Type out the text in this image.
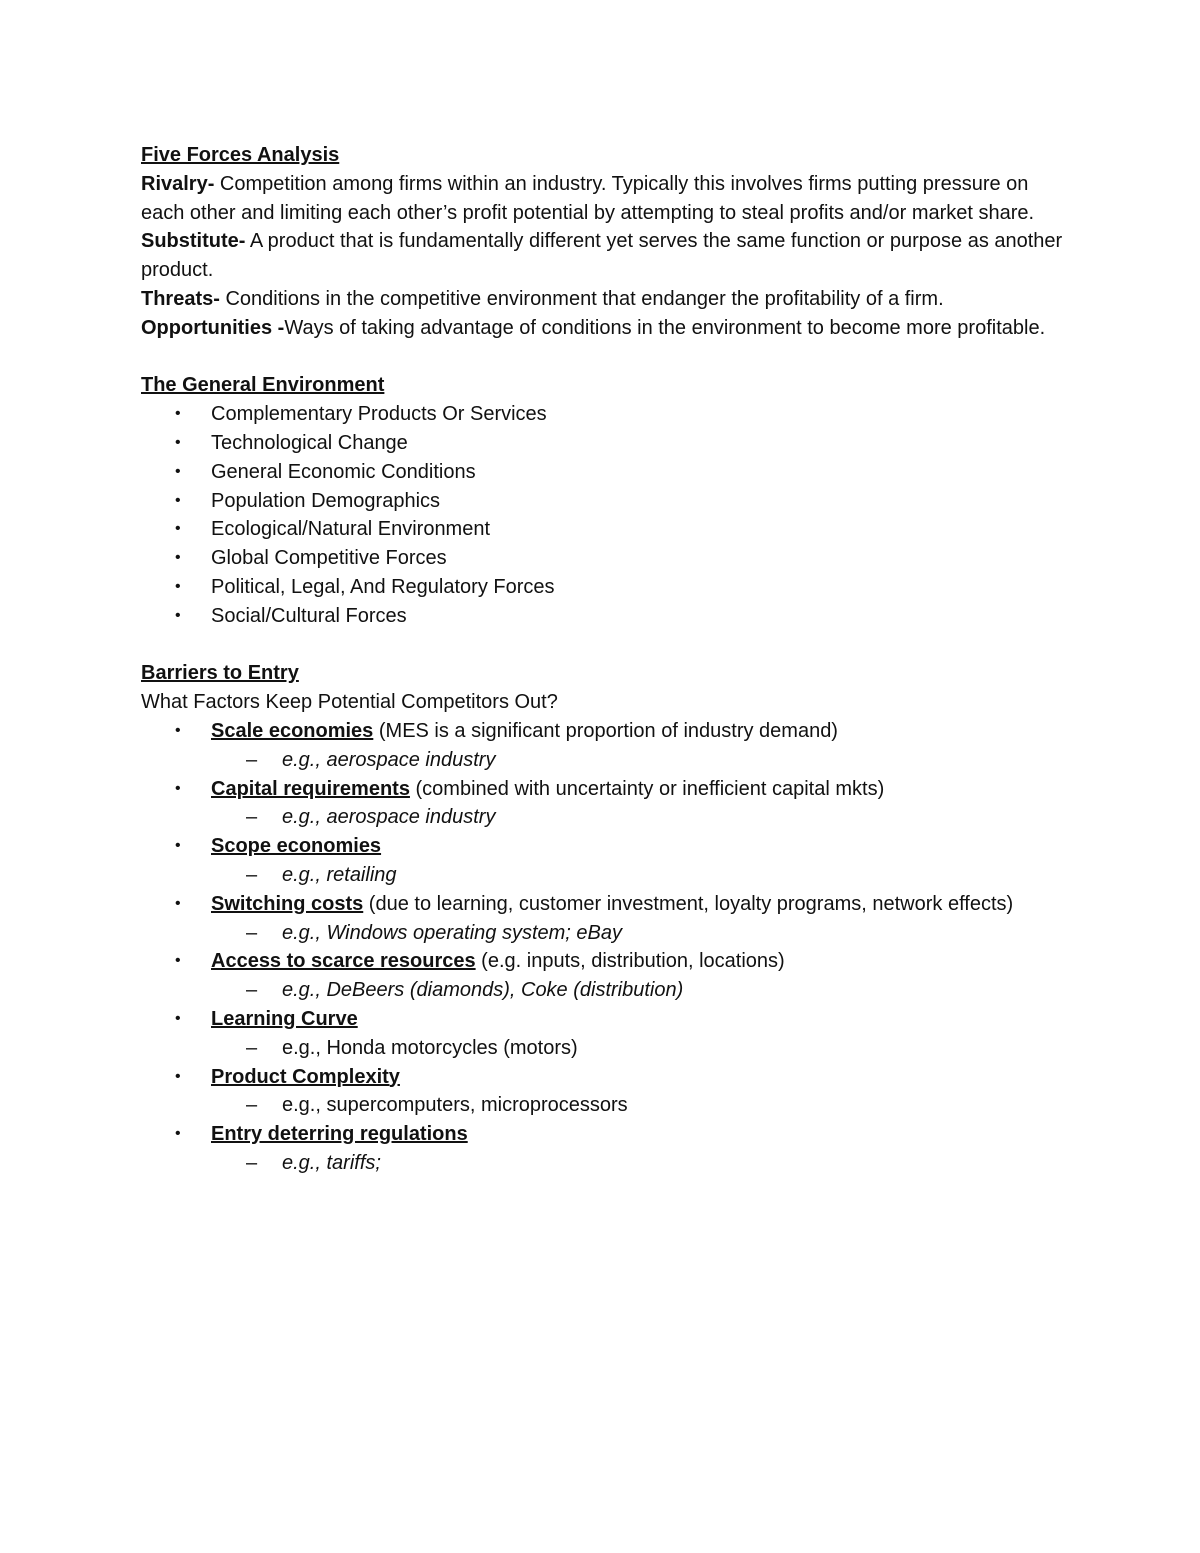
Five Forces Analysis

Rivalry- Competition among firms within an industry. Typically this involves firms putting pressure on each other and limiting each other’s profit potential by attempting to steal profits and/or market share.

Substitute- A product that is fundamentally different yet serves the same function or purpose as another product.

Threats- Conditions in the competitive environment that endanger the profitability of a firm.

Opportunities -Ways of taking advantage of conditions in the environment to become more profitable.

The General Environment

• Complementary Products Or Services
• Technological Change
• General Economic Conditions
• Population Demographics
• Ecological/Natural Environment
• Global Competitive Forces
• Political, Legal, And Regulatory Forces
• Social/Cultural Forces

Barriers to Entry

What Factors Keep Potential Competitors Out?

• Scale economies (MES is a significant proportion of industry demand)
– e.g., aerospace industry
• Capital requirements (combined with uncertainty or inefficient capital mkts)
– e.g., aerospace industry
• Scope economies
– e.g., retailing
• Switching costs (due to learning, customer investment, loyalty programs, network effects)
– e.g., Windows operating system; eBay
• Access to scarce resources (e.g. inputs, distribution, locations)
– e.g., DeBeers (diamonds), Coke (distribution)
• Learning Curve
– e.g., Honda motorcycles (motors)
• Product Complexity
– e.g., supercomputers, microprocessors
• Entry deterring regulations
– e.g., tariffs;
